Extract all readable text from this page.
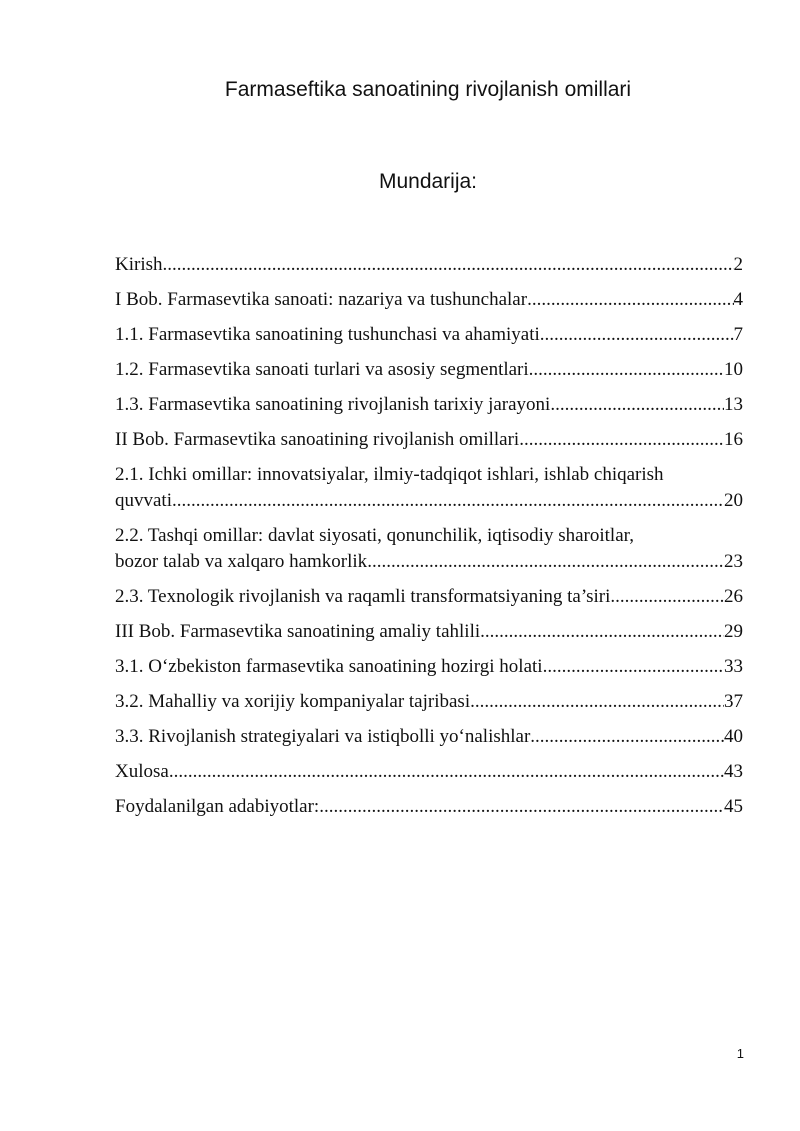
Farmaseftika sanoatining rivojlanish omillari
Mundarija:
Kirish .....	2
I Bob. Farmasevtika sanoati: nazariya va tushunchalar .....	4
1.1. Farmasevtika sanoatining tushunchasi va ahamiyati .....	7
1.2. Farmasevtika sanoati turlari va asosiy segmentlari .....	10
1.3. Farmasevtika sanoatining rivojlanish tarixiy jarayoni .....	13
II Bob. Farmasevtika sanoatining rivojlanish omillari .....	16
2.1. Ichki omillar: innovatsiyalar, ilmiy-tadqiqot ishlari, ishlab chiqarish
quvvati .....	20
2.2. Tashqi omillar: davlat siyosati, qonunchilik, iqtisodiy sharoitlar,
bozor talab va xalqaro hamkorlik .....	23
2.3. Texnologik rivojlanish va raqamli transformatsiyaning ta’siri .....	26
III Bob. Farmasevtika sanoatining amaliy tahlili .....	29
3.1. O‘zbekiston farmasevtika sanoatining hozirgi holati .....	33
3.2. Mahalliy va xorijiy kompaniyalar tajribasi .....	37
3.3. Rivojlanish strategiyalari va istiqbolli yo‘nalishlar .....	40
Xulosa .....	43
Foydalanilgan adabiyotlar: .....	45
1
